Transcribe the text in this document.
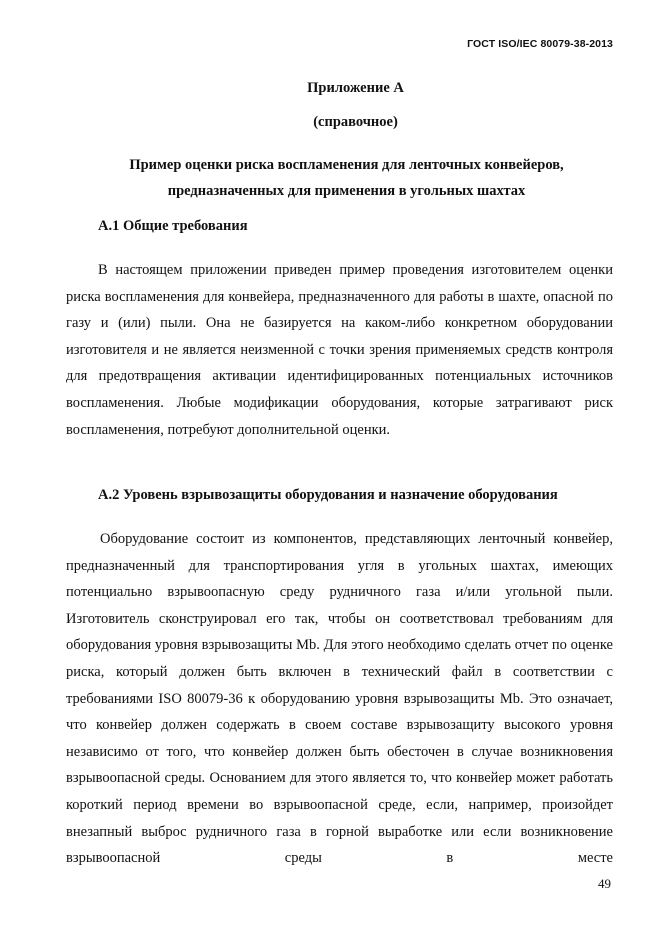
ГОСТ ISO/IEC 80079-38-2013
Приложение А
(справочное)
Пример оценки риска воспламенения для ленточных конвейеров,
предназначенных для применения в угольных шахтах
А.1 Общие требования
В настоящем приложении приведен пример проведения изготовителем оценки риска воспламенения для конвейера, предназначенного для работы в шахте, опасной по газу и (или) пыли. Она не базируется на каком-либо конкретном оборудовании изготовителя и не является неизменной с точки зрения применяемых средств контроля для предотвращения активации идентифицированных потенциальных источников воспламенения. Любые модификации оборудования, которые затрагивают риск воспламенения, потребуют дополнительной оценки.
А.2 Уровень взрывозащиты оборудования и назначение оборудования
Оборудование состоит из компонентов, представляющих ленточный конвейер, предназначенный для транспортирования угля в угольных шахтах, имеющих потенциально взрывоопасную среду рудничного газа и/или угольной пыли. Изготовитель сконструировал его так, чтобы он соответствовал требованиям для оборудования уровня взрывозащиты Mb. Для этого необходимо сделать отчет по оценке риска, который должен быть включен в технический файл в соответствии с требованиями ISO 80079-36 к оборудованию уровня взрывозащиты Mb. Это означает, что конвейер должен содержать в своем составе взрывозащиту высокого уровня независимо от того, что конвейер должен быть обесточен в случае возникновения взрывоопасной среды. Основанием для этого является то, что конвейер может работать короткий период времени во взрывоопасной среде, если, например, произойдет внезапный выброс рудничного газа в горной выработке или если возникновение взрывоопасной среды в месте
49
